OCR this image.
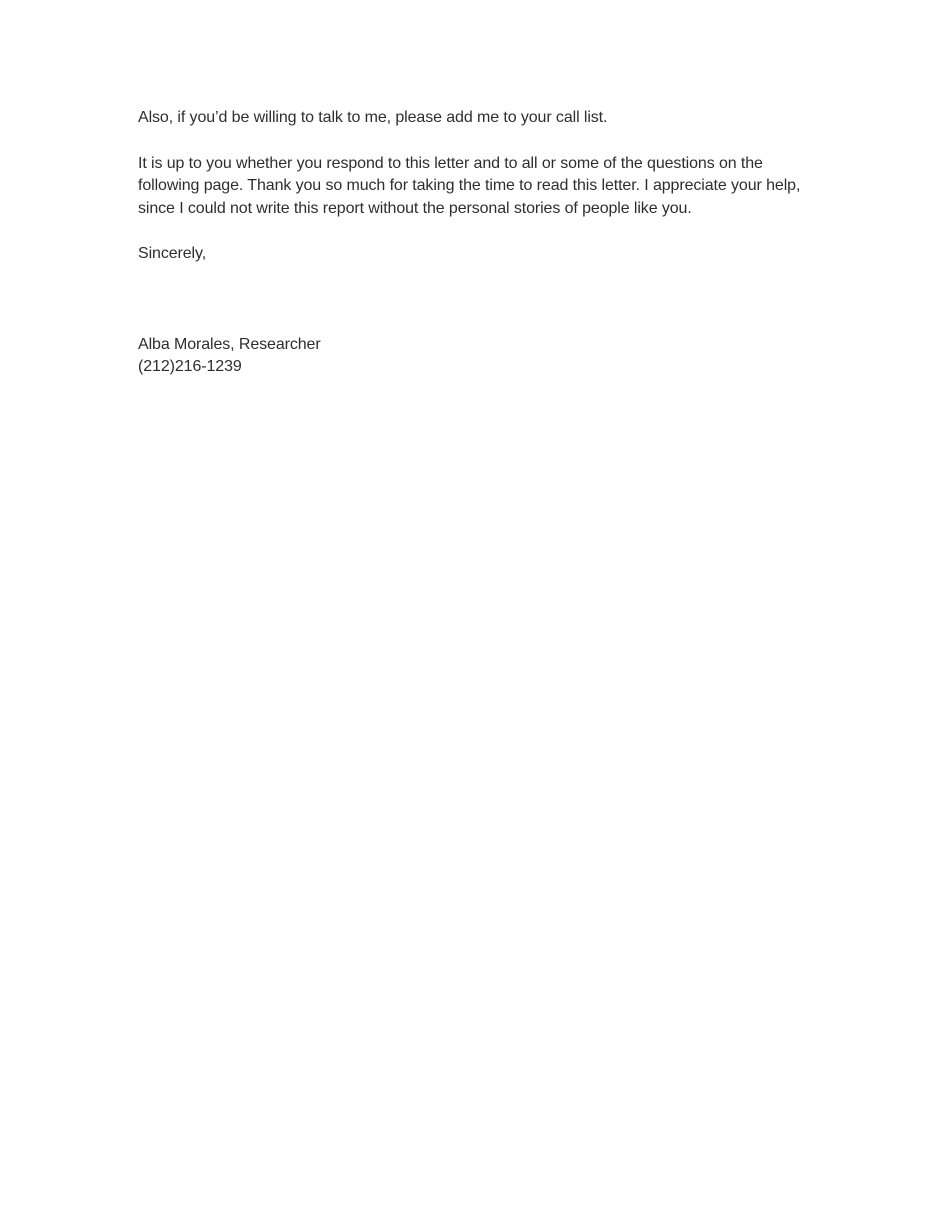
Also, if you’d be willing to talk to me, please add me to your call list.

It is up to you whether you respond to this letter and to all or some of the questions on the following page. Thank you so much for taking the time to read this letter. I appreciate your help, since I could not write this report without the personal stories of people like you.

Sincerely,

Alba Morales, Researcher

(212)216-1239
